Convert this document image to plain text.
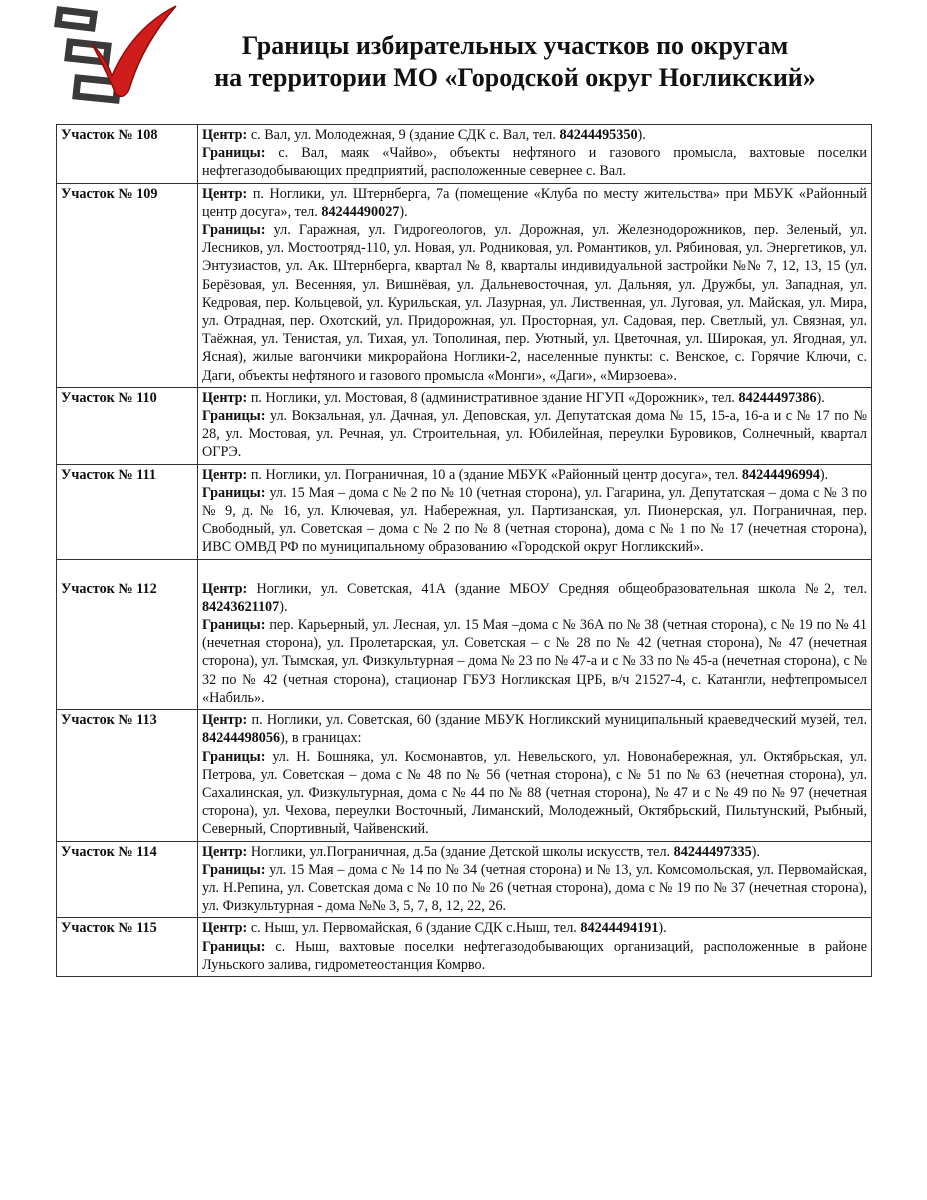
Границы избирательных участков по округам
на территории МО «Городской округ Ногликский»
Участок № 108	Центр: с. Вал, ул. Молодежная, 9 (здание СДК с. Вал, тел. 84244495350).
Границы: с. Вал, маяк «Чайво», объекты нефтяного и газового промысла, вахтовые поселки нефтегазодобывающих предприятий, расположенные севернее с. Вал.

Участок № 109	Центр: п. Ноглики, ул. Штернберга, 7а (помещение «Клуба по месту жительства» при МБУК «Районный центр досуга», тел. 84244490027).
Границы: ул. Гаражная, ул. Гидрогеологов, ул. Дорожная, ул. Железнодорожников, пер. Зеленый, ул. Лесников, ул. Мостоотряд-110, ул. Новая, ул. Родниковая, ул. Романтиков, ул. Рябиновая, ул. Энергетиков, ул. Энтузиастов, ул. Ак. Штернберга, квартал № 8, кварталы индивидуальной застройки №№ 7, 12, 13, 15 (ул. Берёзовая, ул. Весенняя, ул. Вишнёвая, ул. Дальневосточная, ул. Дальняя, ул. Дружбы, ул. Западная, ул. Кедровая, пер. Кольцевой, ул. Курильская, ул. Лазурная, ул. Лиственная, ул. Луговая, ул. Майская, ул. Мира, ул. Отрадная, пер. Охотский, ул. Придорожная, ул. Просторная, ул. Садовая, пер. Светлый, ул. Связная, ул. Таёжная, ул. Тенистая, ул. Тихая, ул. Тополиная, пер. Уютный, ул. Цветочная, ул. Широкая, ул. Ягодная, ул. Ясная), жилые вагончики микрорайона Ноглики-2, населенные пункты: с. Венское, с. Горячие Ключи, с. Даги, объекты нефтяного и газового промысла «Монги», «Даги», «Мирзоева».

Участок № 110	Центр: п. Ноглики, ул. Мостовая, 8 (административное здание НГУП «Дорожник», тел. 84244497386).
Границы: ул. Вокзальная, ул. Дачная, ул. Деповская, ул. Депутатская дома № 15, 15-а, 16-а и с № 17 по № 28, ул. Мостовая, ул. Речная, ул. Строительная, ул. Юбилейная, переулки Буровиков, Солнечный, квартал ОГРЭ.

Участок № 111	Центр: п. Ноглики, ул. Пограничная, 10 а (здание МБУК «Районный центр досуга», тел. 84244496994).
Границы: ул. 15 Мая – дома с № 2 по № 10 (четная сторона), ул. Гагарина, ул. Депутатская – дома с № 3 по № 9, д. № 16, ул. Ключевая, ул. Набережная, ул. Партизанская, ул. Пионерская, ул. Пограничная, пер. Свободный, ул. Советская – дома с № 2 по № 8 (четная сторона), дома с № 1 по № 17 (нечетная сторона), ИВС ОМВД РФ по муниципальному образованию «Городской округ Ногликский».

Участок № 112	Центр: Ноглики, ул. Советская, 41А (здание МБОУ Средняя общеобразовательная школа №2, тел. 84243621107).
Границы: пер. Карьерный, ул. Лесная, ул. 15 Мая –дома с № 36А по № 38 (четная сторона), с № 19 по № 41 (нечетная сторона), ул. Пролетарская, ул. Советская – с № 28 по № 42 (четная сторона), № 47 (нечетная сторона), ул. Тымская, ул. Физкультурная – дома № 23 по № 47-а и с № 33 по № 45-а (нечетная сторона), с № 32 по № 42 (четная сторона), стационар ГБУЗ Ногликская ЦРБ, в/ч 21527-4, с. Катангли, нефтепромысел «Набиль».

Участок № 113	Центр: п. Ноглики, ул. Советская, 60 (здание МБУК Ногликский муниципальный краеведческий музей, тел. 84244498056), в границах:
Границы: ул. Н. Бошняка, ул. Космонавтов, ул. Невельского, ул. Новонабережная, ул. Октябрьская, ул. Петрова, ул. Советская – дома с № 48 по № 56 (четная сторона), с № 51 по № 63 (нечетная сторона), ул. Сахалинская, ул. Физкультурная, дома с № 44 по № 88 (четная сторона), № 47 и с № 49 по № 97 (нечетная сторона), ул. Чехова, переулки Восточный, Лиманский, Молодежный, Октябрьский, Пильтунский, Рыбный, Северный, Спортивный, Чайвенский.

Участок № 114	Центр: Ноглики, ул.Пограничная, д.5а (здание Детской школы искусств, тел. 84244497335).
Границы: ул. 15 Мая – дома с № 14 по № 34 (четная сторона) и № 13, ул. Комсомольская, ул. Первомайская, ул. Н.Репина, ул. Советская дома с № 10 по № 26 (четная сторона), дома с № 19 по № 37 (нечетная сторона), ул. Физкультурная - дома №№ 3, 5, 7, 8, 12, 22, 26.

Участок № 115	Центр: с. Ныш, ул. Первомайская, 6 (здание СДК с.Ныш, тел. 84244494191).
Границы: с. Ныш, вахтовые поселки нефтегазодобывающих организаций, расположенные в районе Луньского залива, гидрометеостанция Комрво.
